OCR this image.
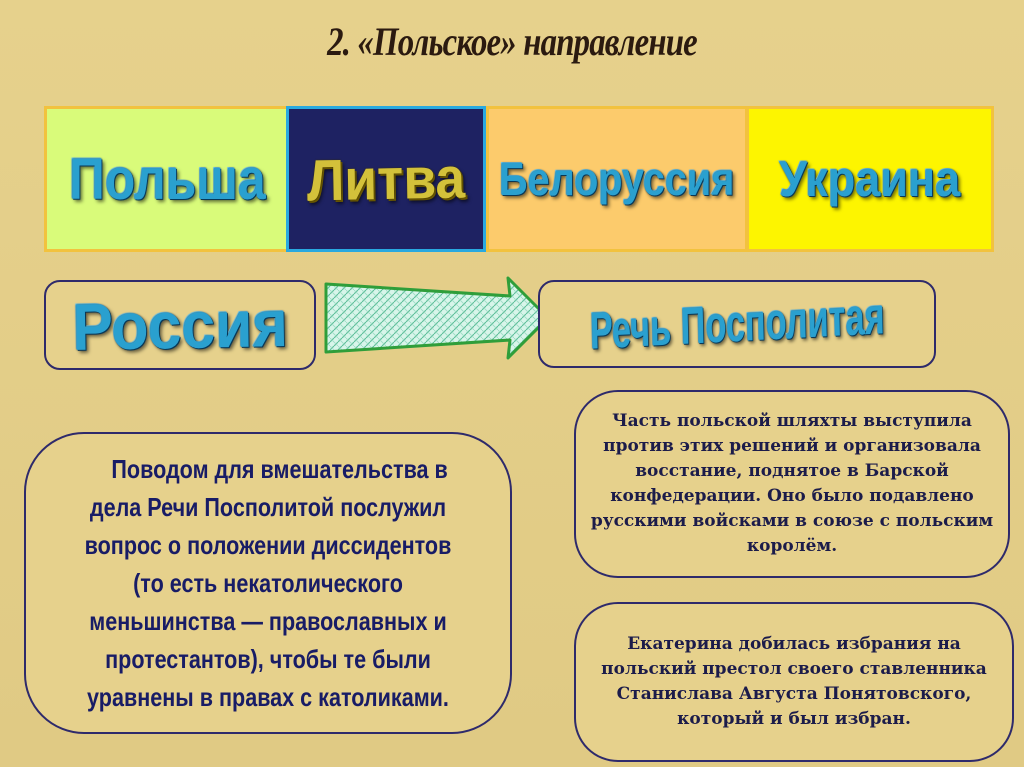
2. «Польское» направление
Польша Литва Белоруссия Украина
Россия	Речь Посполитая
Поводом для вмешательства в дела Речи Посполитой послужил вопрос о положении диссидентов (то есть некатолического меньшинства — православных и протестантов), чтобы те были уравнены в правах с католиками.
Часть польской шляхты выступила против этих решений и организовала восстание, поднятое в Барской конфедерации. Оно было подавлено русскими войсками в союзе с польским королём.
Екатерина добилась избрания на польский престол своего ставленника Станислава Августа Понятовского, который и был избран.
